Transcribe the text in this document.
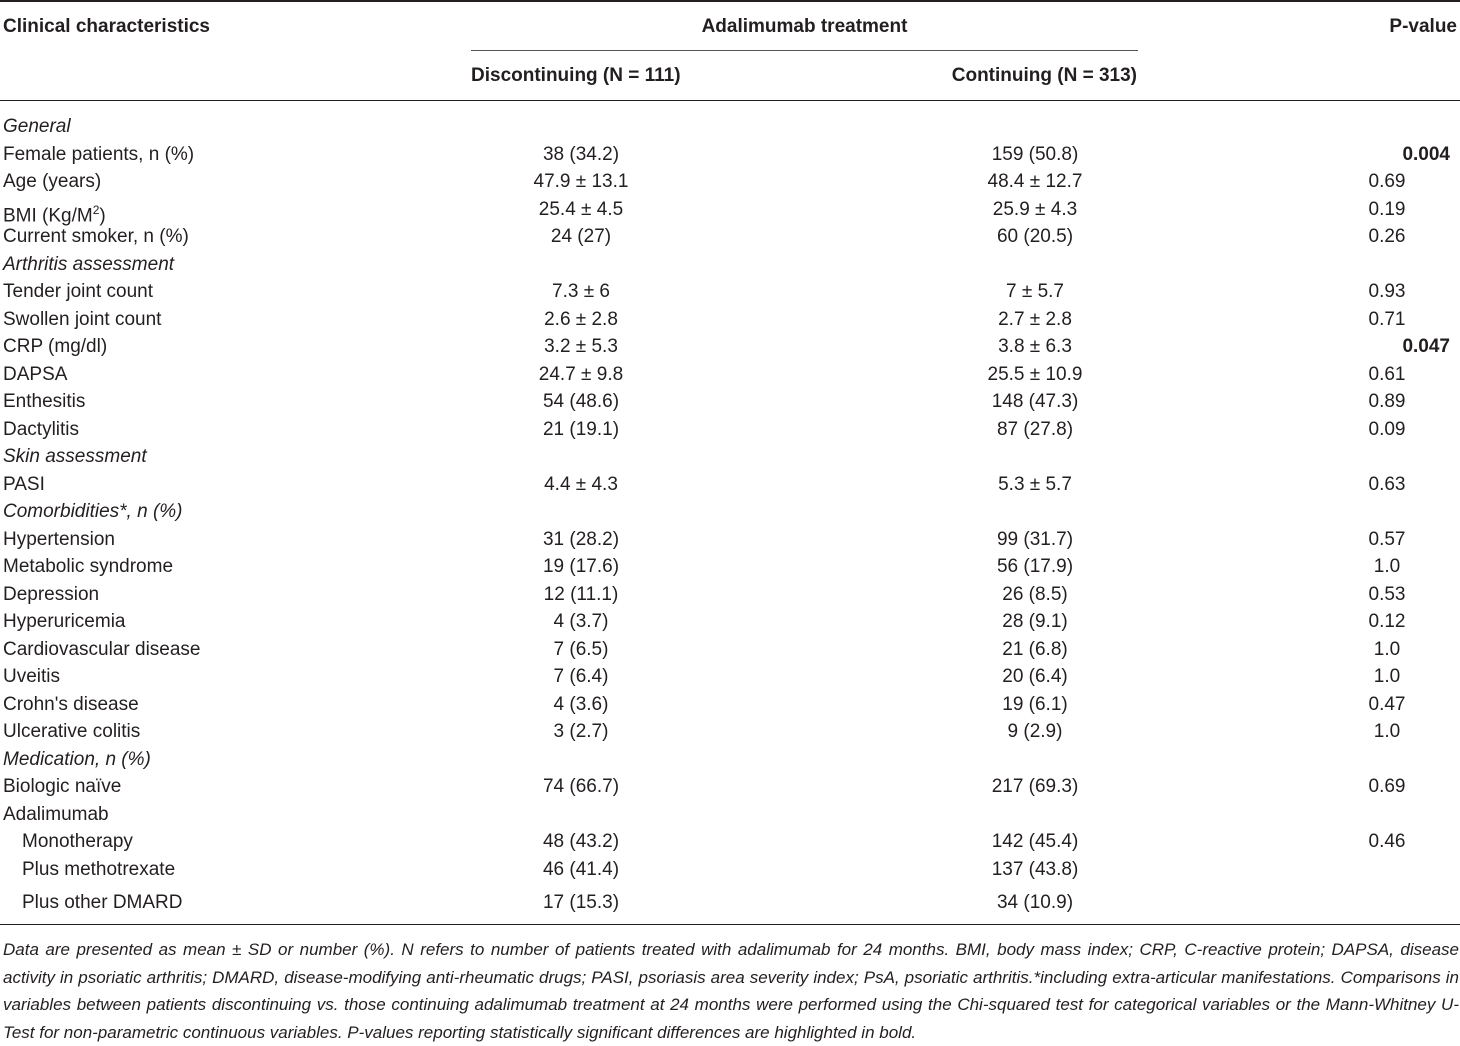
Clinical characteristics	Adalimumab treatment	P-value
Discontinuing (N = 111)	Continuing (N = 313)
General
Female patients, n (%)	38 (34.2)	159 (50.8)	0.004
Age (years)	47.9 ± 13.1	48.4 ± 12.7	0.69
BMI $(Kg/M^2)$	25.4 ± 4.5	25.9 ± 4.3	0.19
Current smoker, n (%)	24 (27)	60 (20.5)	0.26
Arthritis assessment
Tender joint count	7.3 ± 6	7 ± 5.7	0.93
Swollen joint count	2.6 ± 2.8	2.7 ± 2.8	0.71
CRP (mg/dl)	3.2 ± 5.3	3.8 ± 6.3	0.047
DAPSA	24.7 ± 9.8	25.5 ± 10.9	0.61
Enthesitis	54 (48.6)	148 (47.3)	0.89
Dactylitis	21 (19.1)	87 (27.8)	0.09
Skin assessment
PASI	4.4 ± 4.3	5.3 ± 5.7	0.63
Comorbidities*, n (%)
Hypertension	31 (28.2)	99 (31.7)	0.57
Metabolic syndrome	19 (17.6)	56 (17.9)	1.0
Depression	12 (11.1)	26 (8.5)	0.53
Hyperuricemia	4 (3.7)	28 (9.1)	0.12
Cardiovascular disease	7 (6.5)	21 (6.8)	1.0
Uveitis	7 (6.4)	20 (6.4)	1.0
Crohn's disease	4 (3.6)	19 (6.1)	0.47
Ulcerative colitis	3 (2.7)	9 (2.9)	1.0
Medication, n (%)
Biologic naïve	74 (66.7)	217 (69.3)	0.69
Adalimumab
Monotherapy	48 (43.2)	142 (45.4)	0.46
Plus methotrexate	46 (41.4)	137 (43.8)
Plus other DMARD	17 (15.3)	34 (10.9)
Data are presented as mean ± SD or number (%). N refers to number of patients treated with adalimumab for 24 months. BMI, body mass index; CRP, C-reactive protein; DAPSA, disease activity in psoriatic arthritis; DMARD, disease-modifying anti-rheumatic drugs; PASI, psoriasis area severity index; PsA, psoriatic arthritis.*including extra-articular manifestations. Comparisons in variables between patients discontinuing vs. those continuing adalimumab treatment at 24 months were performed using the Chi-squared test for categorical variables or the Mann-Whitney U-Test for non-parametric continuous variables. P-values reporting statistically significant differences are highlighted in bold.
